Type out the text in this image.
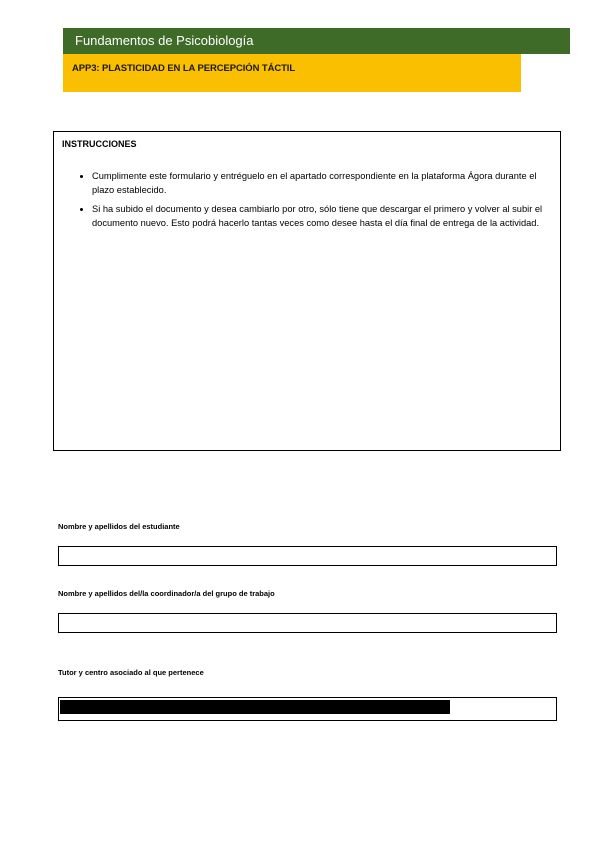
Fundamentos de Psicobiología
APP3: PLASTICIDAD EN LA PERCEPCIÓN TÁCTIL

INSTRUCCIONES

• Cumplimente este formulario y entréguelo en el apartado correspondiente en la plataforma Ágora durante el plazo establecido.
• Si ha subido el documento y desea cambiarlo por otro, sólo tiene que descargar el primero y volver al subir el documento nuevo. Esto podrá hacerlo tantas veces como desee hasta el día final de entrega de la actividad.
Nombre y apellidos del estudiante
Nombre y apellidos del/la coordinador/a del grupo de trabajo
Tutor y centro asociado al que pertenece
